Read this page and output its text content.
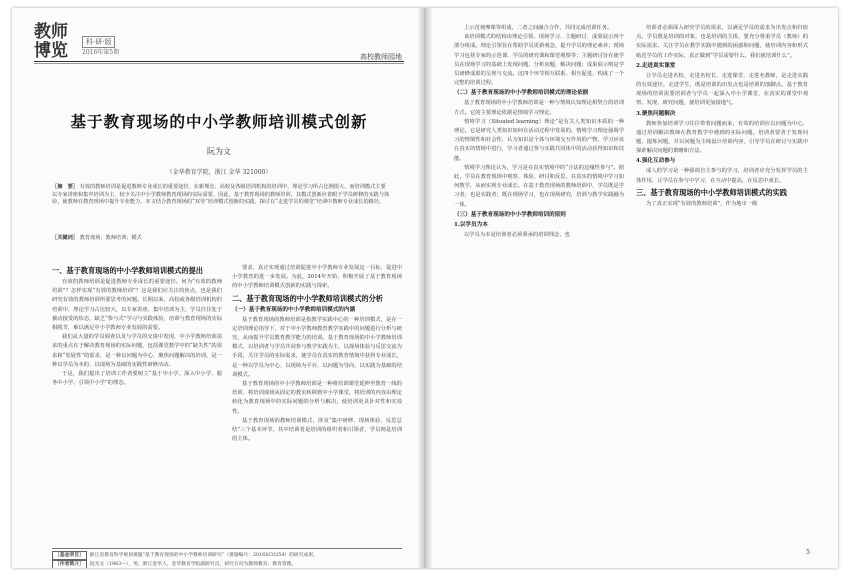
教师
博览	科·研·版
2016年第5期
高校教师园地
基于教育现场的中小学教师培训模式创新
阮为文
（金华教育学院，浙江 金华 321000）
［摘　要］ 有效的教师培训是促进教师专业成长的重要途径。在新理念、高校及各级培训机构的培训中，理论学习所占比例很大，而培训模式主要以专家讲座和集中培训为主，较少关注中小学教师教育现场的实际需要。因此，基于教育现场的教师培训，其模式创新应着眼于学员研修的实践与体验，使教师在教育现场中提升专业能力。本文结合教育现场的“双导”培训模式创新的实践，探讨在“走进学员的课堂”培训中教师专业成长的路径。
［关键词］ 教育现场；教师培训；模式
一、基于教育现场的中小学教师培训模式的提出

有效的教师培训是促进教师专业成长的重要途径。何为“有效的教师培训”？怎样实现“有效的教师培训”？这是我们应关注的焦点，也是我们研究有效的教师培训所要思考的问题。长期以来，高校或各级培训机构的培训中，理论学习占比较大，以专家讲座、集中培训为主，学员往往处于被动接受的状态，缺乏“参与式”学习与实践体验，培训与教育现场的实际相脱节，难以满足中小学教师专业发展的需要。

我们从大量的学员调查以及与学员的交谈中发现，中小学教师培训需求的重点在于解决教育现场的实际问题，包括课堂教学中的“缺失性”的需求和“发展性”的需求，是一种以问题为中心、聚焦问题解决的培训，是一种以学员为本的、以现场为基础的实践性研修活动。

于是，我们提出了培训工作者要树立“基于中小学、深入中小学、服务中小学、引领中小学”的理念。

要求，真正实现通过培训促进中小学教师专业发展这一目标，促进中小学教育的进一步发展。为此，2014年开始，积极开展了基于教育现场的中小学教师培训模式创新的实践与探索。

二、基于教育现场的中小学教师培训模式的分析
（一）基于教育现场的中小学教师培训模式的内涵

基于教育现场的教师培训是指教学实践中心的一种培训模式，是在一定培训理论指导下，对于中小学教师教育教学实践中的问题进行分析与研究，从而提升学员教育教学能力的培训。基于教育现场的中小学教师培训模式，以培训者与学员共同参与教学实践为主，以现场体验与反思交流为手段，关注学员的实际需求，使学员在真实的教育情境中获得专业成长，是一种以学员为中心、以现场为平台、以问题为导向、以实践为基础的培训模式。

基于教育现场的中小学教师培训是一种将培训课堂延伸至教育一线的培训，将培训现场从固定的教室转移到中小学课堂，将培训的内容由理论转化为教育现场中的实际问题的分析与解决，使培训更具针对性和实效性。

基于教育现场的教师培训模式，涉及“集中研修、现场体验、反思总结”三个基本环节。其中培训者是培训的组织者和引领者，学员则是培训的主体。

［基金项目］ 浙江省教育科学规划课题“基于教育现场的中小学教师培训研究”（课题编号：2016SC0254）的研究成果。
［作者简介］ 阮为文（1963—），男，浙江金华人，金华教育学院副研究员，研究方向为教师教育、教育管理。

上示范观摩课等组成，二者之间融合合作，共同完成培训任务。

该培训模式的结构由理论引领、现场学习、主题研讨、成果展示四个部分组成。理论引领旨在帮助学员更新观念，提升学员的理论素养；现场学习包括专家的示范课、学员的研究课和课堂观察等；主题研讨旨在使学员在现场学习的基础上发现问题、分析问题、解决问题；成果展示则是学员研修成果的呈现与交流。这四个环节相互联系、相互促进，构成了一个完整的培训过程。

（二）基于教育现场的中小学教师培训模式的理论依据

基于教育现场的中小学教师培训是一种与情境认知理论相契合的培训方式。它的主要理论依据是情境学习理论。

情境学习（Situated learning）理论”是有关人类知识本质的一种理论，它是研究人类知识如何在活动过程中发展的。情境学习理论强调学习的情境性和社会性，认为知识是个体与环境交互作用的产物，学习应该在真实的情境中进行，学习者通过参与实践共同体中的活动获得知识和技能。

情境学习理论认为，学习是在真实情境中的“合法的边缘性参与”。据此，学员在教育现场中观察、体验、研讨和反思，在真实的情境中学习如何教学，从而实现专业成长。在基于教育现场的教师培训中，学员既是学习者，也是实践者；既在现场学习，也在现场研究，培训与教学实践融为一体。

（三）基于教育现场的中小学教师培训的原则
1.以学员为本

以学员为本是培训者必须秉承的培训理念，也

培训者必须深入研究学员的需求，以满足学员的需求为出发点和归宿点。学员既是培训的对象，也是培训的主体，要充分尊重学员（教师）的实际需求，关注学员在教学实践中遇到的困惑和问题，使培训内容和形式贴近学员的工作实际，真正做到“学员需要什么，我们就培训什么”。

2.走进真实课堂

让学员走进名校、走进名校长、走进课堂、走进名教师，是走进实践的有效途径。走进学生，既是培训的出发点也是培训的落脚点。基于教育现场的培训需要培训者与学员一起深入中小学课堂，在真实的课堂中观察、发现、研究问题，使培训更加接地气。

3.聚焦问题解决

教师参加培训学习往往带着问题而来，有效的培训应以问题为中心，通过培训解决教师在教育教学中遇到的实际问题。培训者要善于发现问题、提炼问题，并以问题为主线设计培训内容，引导学员在研讨与实践中探索解决问题的策略和方法。

4.强化互动参与

成人的学习是一种强调自主参与的学习，培训者应充分发挥学员的主体作用，让学员在参与中学习，在互动中提高，在反思中成长。

三、基于教育现场的中小学教师培训模式的实践

为了真正实现“有效的教师培训”，作为地市一级

5
